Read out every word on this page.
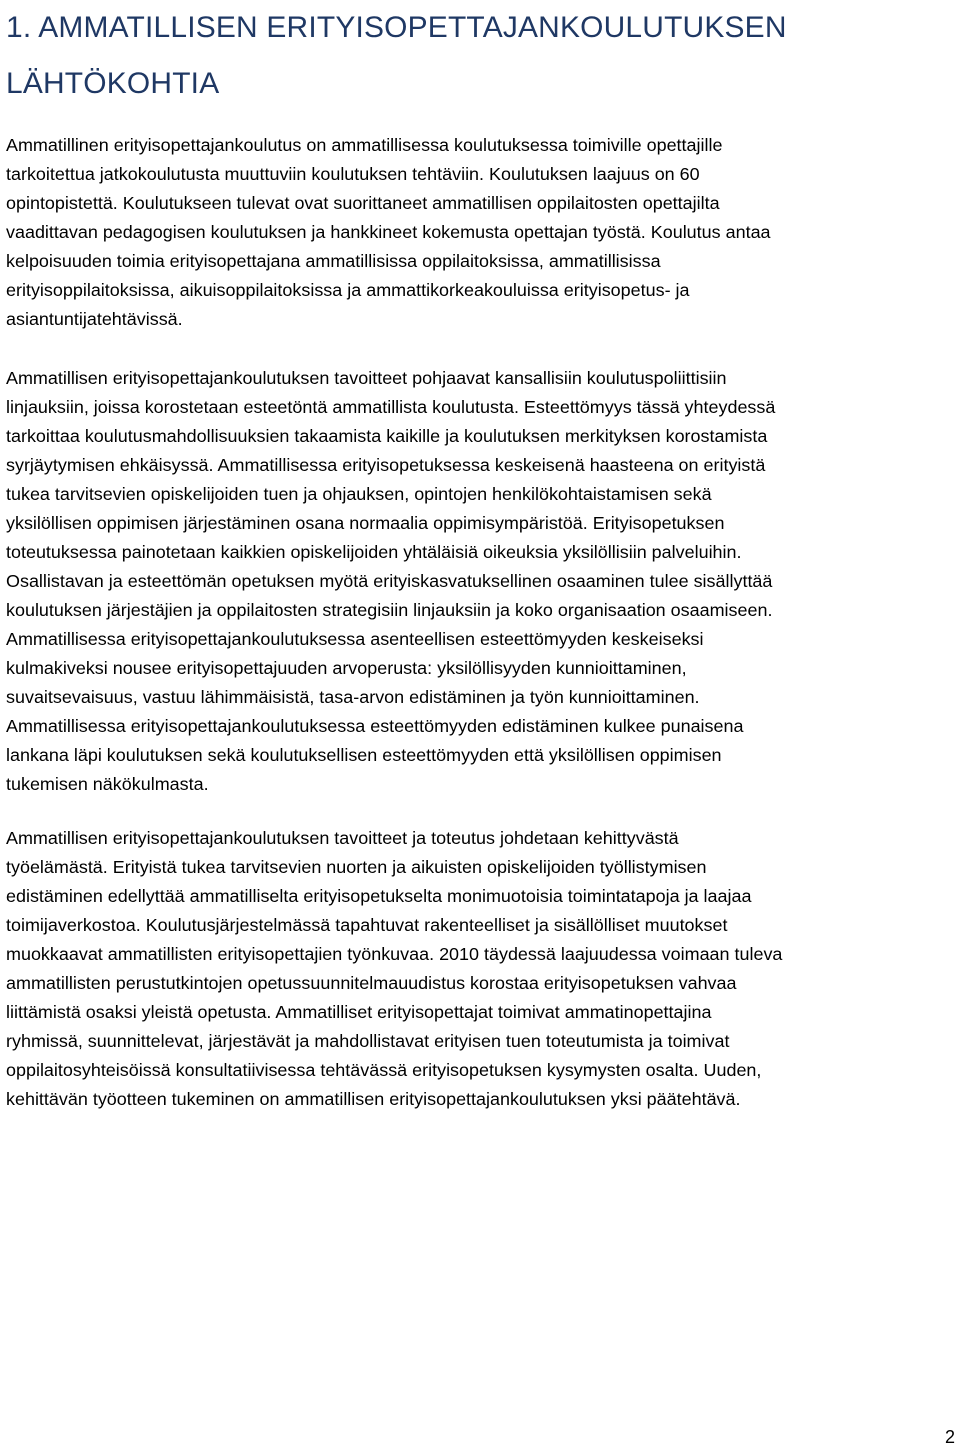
1. AMMATILLISEN ERITYISOPETTAJANKOULUTUKSEN
LÄHTÖKOHTIA
Ammatillinen erityisopettajankoulutus on ammatillisessa koulutuksessa toimiville opettajille
tarkoitettua jatkokoulutusta muuttuviin koulutuksen tehtäviin. Koulutuksen laajuus on 60
opintopistettä. Koulutukseen tulevat ovat suorittaneet ammatillisen oppilaitosten opettajilta
vaadittavan pedagogisen koulutuksen ja hankkineet kokemusta opettajan työstä. Koulutus antaa
kelpoisuuden toimia erityisopettajana ammatillisissa oppilaitoksissa, ammatillisissa
erityisoppilaitoksissa, aikuisoppilaitoksissa ja ammattikorkeakouluissa erityisopetus- ja
asiantuntijatehtävissä.
Ammatillisen erityisopettajankoulutuksen tavoitteet pohjaavat kansallisiin koulutuspoliittisiin
linjauksiin, joissa korostetaan esteetöntä ammatillista koulutusta. Esteettömyys tässä yhteydessä
tarkoittaa koulutusmahdollisuuksien takaamista kaikille ja koulutuksen merkityksen korostamista
syrjäytymisen ehkäisyssä. Ammatillisessa erityisopetuksessa keskeisenä haasteena on erityistä
tukea tarvitsevien opiskelijoiden tuen ja ohjauksen, opintojen henkilökohtaistamisen sekä
yksilöllisen oppimisen järjestäminen osana normaalia oppimisympäristöä. Erityisopetuksen
toteutuksessa painotetaan kaikkien opiskelijoiden yhtäläisiä oikeuksia yksilöllisiin palveluihin.
Osallistavan ja esteettömän opetuksen myötä erityiskasvatuksellinen osaaminen tulee sisällyttää
koulutuksen järjestäjien ja oppilaitosten strategisiin linjauksiin ja koko organisaation osaamiseen.
Ammatillisessa erityisopettajankoulutuksessa asenteellisen esteettömyyden keskeiseksi
kulmakiveksi nousee erityisopettajuuden arvoperusta: yksilöllisyyden kunnioittaminen,
suvaitsevaisuus, vastuu lähimmäisistä, tasa-arvon edistäminen ja työn kunnioittaminen.
Ammatillisessa erityisopettajankoulutuksessa esteettömyyden edistäminen kulkee punaisena
lankana läpi koulutuksen sekä koulutuksellisen esteettömyyden että yksilöllisen oppimisen
tukemisen näkökulmasta.
Ammatillisen erityisopettajankoulutuksen tavoitteet ja toteutus johdetaan kehittyvästä
työelämästä. Erityistä tukea tarvitsevien nuorten ja aikuisten opiskelijoiden työllistymisen
edistäminen edellyttää ammatilliselta erityisopetukselta monimuotoisia toimintatapoja ja laajaa
toimijaverkostoa. Koulutusjärjestelmässä tapahtuvat rakenteelliset ja sisällölliset muutokset
muokkaavat ammatillisten erityisopettajien työnkuvaa. 2010 täydessä laajuudessa voimaan tuleva
ammatillisten perustutkintojen opetussuunnitelmauudistus korostaa erityisopetuksen vahvaa
liittämistä osaksi yleistä opetusta. Ammatilliset erityisopettajat toimivat ammatinopettajina
ryhmissä, suunnittelevat, järjestävät ja mahdollistavat erityisen tuen toteutumista ja toimivat
oppilaitosyhteisöissä konsultatiivisessa tehtävässä erityisopetuksen kysymysten osalta. Uuden,
kehittävän työotteen tukeminen on ammatillisen erityisopettajankoulutuksen yksi päätehtävä.
2
